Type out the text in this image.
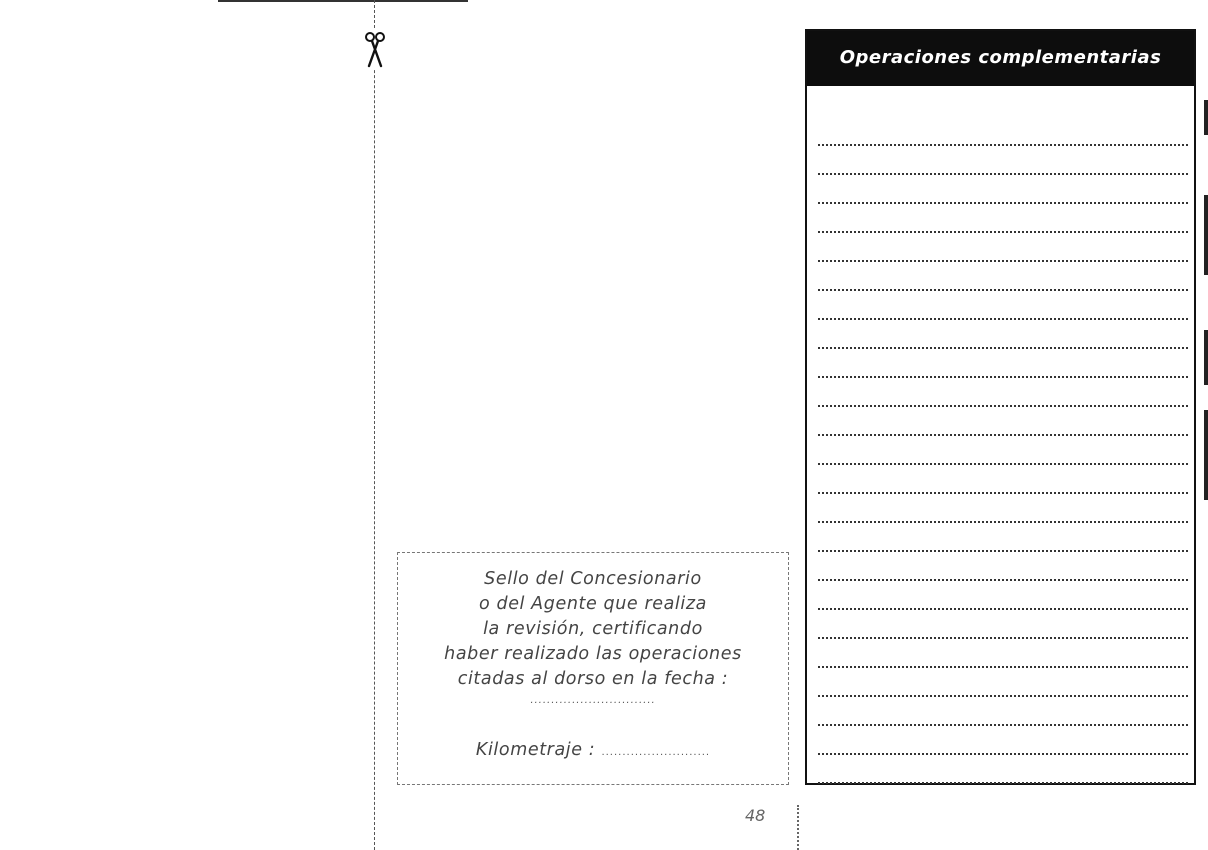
Sello del Concesionario
o del Agente que realiza
la revisión, certificando
haber realizado las operaciones
citadas al dorso en la fecha :
..............................
Kilometraje : ..........................
48
Operaciones complementarias
